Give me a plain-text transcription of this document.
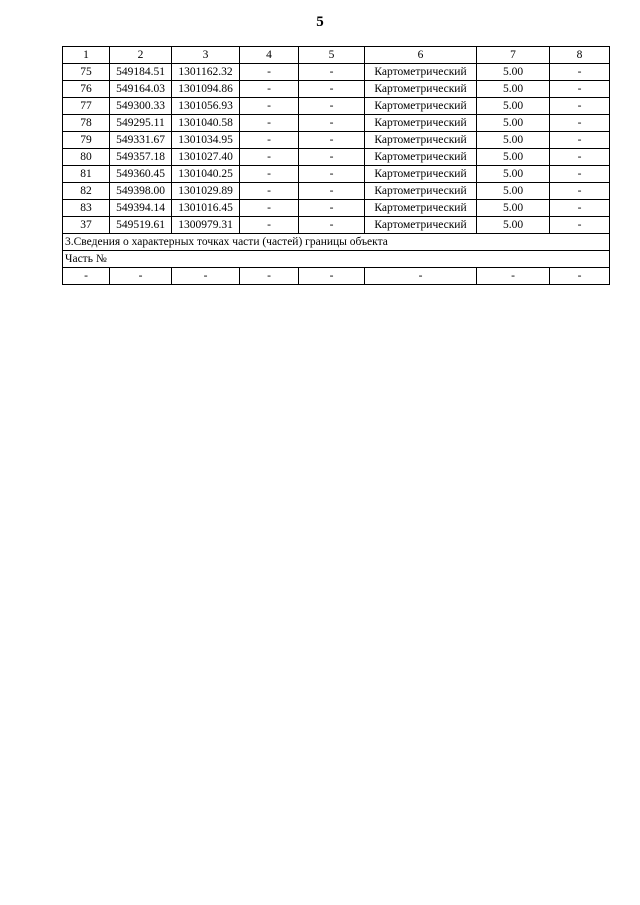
5
1	2	3	4	5	6	7	8
75	549184.51	1301162.32	-	-	Картометрический	5.00	-
76	549164.03	1301094.86	-	-	Картометрический	5.00	-
77	549300.33	1301056.93	-	-	Картометрический	5.00	-
78	549295.11	1301040.58	-	-	Картометрический	5.00	-
79	549331.67	1301034.95	-	-	Картометрический	5.00	-
80	549357.18	1301027.40	-	-	Картометрический	5.00	-
81	549360.45	1301040.25	-	-	Картометрический	5.00	-
82	549398.00	1301029.89	-	-	Картометрический	5.00	-
83	549394.14	1301016.45	-	-	Картометрический	5.00	-
37	549519.61	1300979.31	-	-	Картометрический	5.00	-
3.Сведения о характерных точках части (частей) границы объекта							
Часть №							
-	-	-	-	-	-	-	-
